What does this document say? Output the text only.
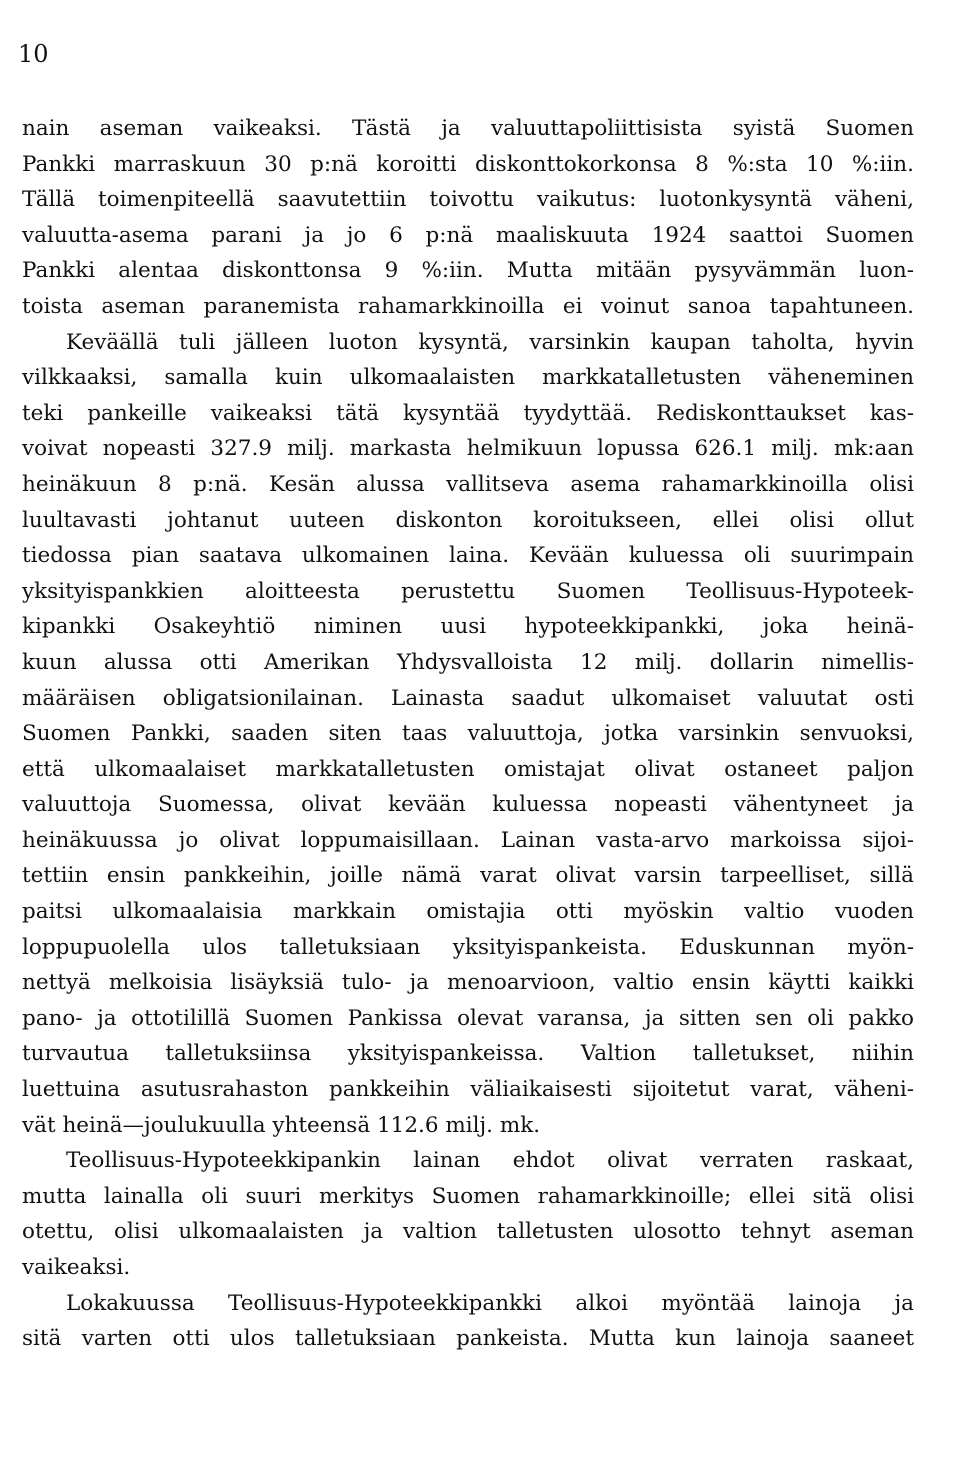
10
nain aseman vaikeaksi. Tästä ja valuuttapoliittisista syistä Suomen
Pankki marraskuun 30 p:nä koroitti diskonttokorkonsa 8 %:sta 10 %:iin.
Tällä toimenpiteellä saavutettiin toivottu vaikutus: luotonkysyntä väheni,
valuutta-asema parani ja jo 6 p:nä maaliskuuta 1924 saattoi Suomen
Pankki alentaa diskonttonsa 9 %:iin. Mutta mitään pysyvämmän luon-
toista aseman paranemista rahamarkkinoilla ei voinut sanoa tapahtuneen.
Keväällä tuli jälleen luoton kysyntä, varsinkin kaupan taholta, hyvin
vilkkaaksi, samalla kuin ulkomaalaisten markkatalletusten väheneminen
teki pankeille vaikeaksi tätä kysyntää tyydyttää. Rediskonttaukset kas-
voivat nopeasti 327.9 milj. markasta helmikuun lopussa 626.1 milj. mk:aan
heinäkuun 8 p:nä. Kesän alussa vallitseva asema rahamarkkinoilla olisi
luultavasti johtanut uuteen diskonton koroitukseen, ellei olisi ollut
tiedossa pian saatava ulkomainen laina. Kevään kuluessa oli suurimpain
yksityispankkien aloitteesta perustettu Suomen Teollisuus-Hypoteek-
kipankki Osakeyhtiö niminen uusi hypoteekkipankki, joka heinä-
kuun alussa otti Amerikan Yhdysvalloista 12 milj. dollarin nimellis-
määräisen obligatsionilainan. Lainasta saadut ulkomaiset valuutat osti
Suomen Pankki, saaden siten taas valuuttoja, jotka varsinkin senvuoksi,
että ulkomaalaiset markkatalletusten omistajat olivat ostaneet paljon
valuuttoja Suomessa, olivat kevään kuluessa nopeasti vähentyneet ja
heinäkuussa jo olivat loppumaisillaan. Lainan vasta-arvo markoissa sijoi-
tettiin ensin pankkeihin, joille nämä varat olivat varsin tarpeelliset, sillä
paitsi ulkomaalaisia markkain omistajia otti myöskin valtio vuoden
loppupuolella ulos talletuksiaan yksityispankeista. Eduskunnan myön-
nettyä melkoisia lisäyksiä tulo- ja menoarvioon, valtio ensin käytti kaikki
pano- ja ottotilillä Suomen Pankissa olevat varansa, ja sitten sen oli pakko
turvautua talletuksiinsa yksityispankeissa. Valtion talletukset, niihin
luettuina asutusrahaston pankkeihin väliaikaisesti sijoitetut varat, väheni-
vät heinä—joulukuulla yhteensä 112.6 milj. mk.
Teollisuus-Hypoteekkipankin lainan ehdot olivat verraten raskaat,
mutta lainalla oli suuri merkitys Suomen rahamarkkinoille; ellei sitä olisi
otettu, olisi ulkomaalaisten ja valtion talletusten ulosotto tehnyt aseman
vaikeaksi.
Lokakuussa Teollisuus-Hypoteekkipankki alkoi myöntää lainoja ja
sitä varten otti ulos talletuksiaan pankeista. Mutta kun lainoja saaneet
